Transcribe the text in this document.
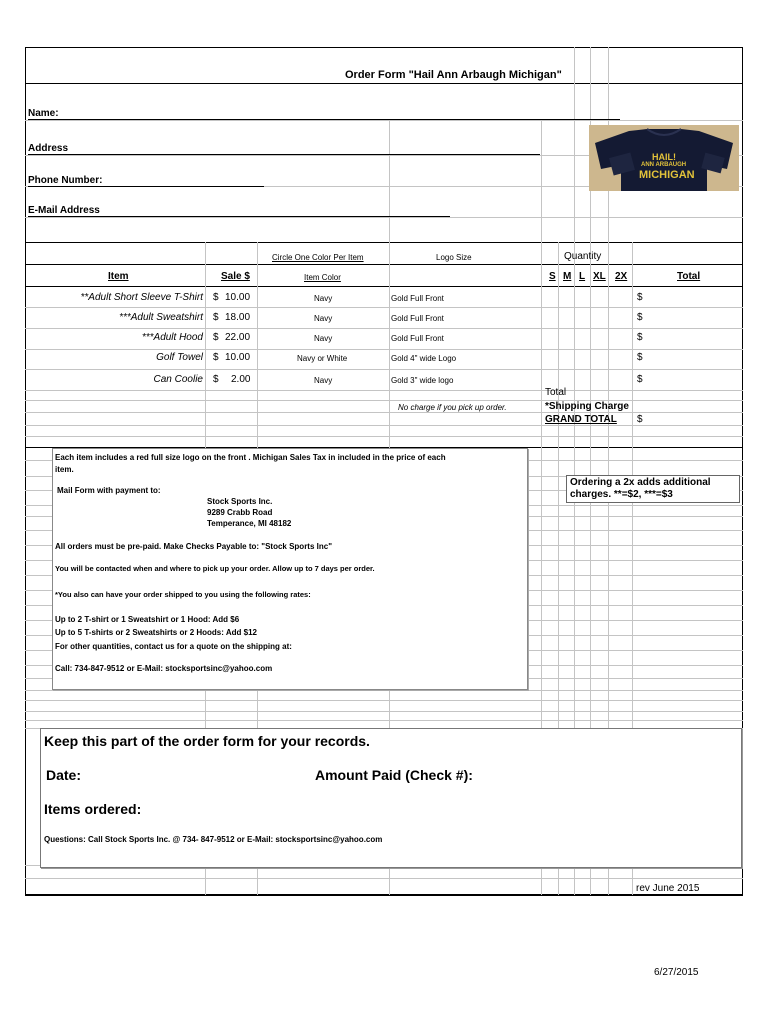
Order Form "Hail Ann Arbaugh Michigan"
Name:
Address
Phone Number:
E-Mail Address
HAIL!
ANN ARBAUGH
MICHIGAN
Circle One Color Per Item	Logo Size	Quantity
Item	Sale $	Item Color	S M L XL 2X	Total
**Adult Short Sleeve T-Shirt $ 10.00	Navy	Gold Full Front	$
***Adult Sweatshirt $ 18.00	Navy	Gold Full Front	$
***Adult Hood $ 22.00	Navy	Gold Full Front	$
Golf Towel $ 10.00	Navy or White	Gold 4" wide Logo	$
Can Coolie $ 2.00	Navy	Gold 3" wide logo	$
Total
No charge if you pick up order.	*Shipping Charge
GRAND TOTAL $
Each item includes a red full size logo on the front . Michigan Sales Tax in included in the price of each
item.
Mail Form with payment to:
Stock Sports Inc.
9289 Crabb Road
Temperance, MI 48182
All orders must be pre-paid. Make Checks Payable to: "Stock Sports Inc"
You will be contacted when and where to pick up your order. Allow up to 7 days per order.
*You also can have your order shipped to you using the following rates:
Up to 2 T-shirt or 1 Sweatshirt or 1 Hood: Add $6
Up to 5 T-shirts or 2 Sweatshirts or 2 Hoods: Add $12
For other quantities, contact us for a quote on the shipping at:
Call: 734-847-9512 or E-Mail: stocksportsinc@yahoo.com
Ordering a 2x adds additional
charges. **=$2, ***=$3
Keep this part of the order form for your records.
Date:	Amount Paid (Check #):
Items ordered:
Questions: Call Stock Sports Inc. @ 734- 847-9512 or E-Mail: stocksportsinc@yahoo.com
rev June 2015
6/27/2015
